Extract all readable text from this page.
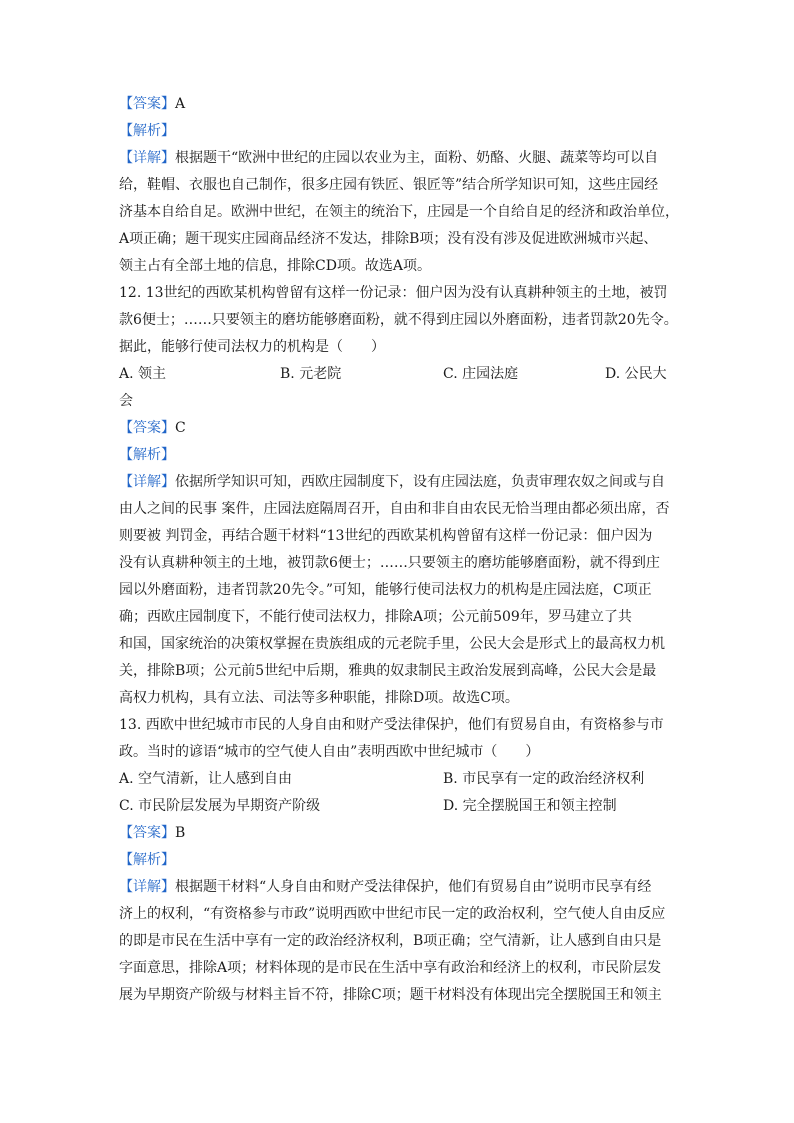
【答案】A
【解析】
【详解】根据题干“欧洲中世纪的庄园以农业为主，面粉、奶酪、火腿、蔬菜等均可以自
给，鞋帽、衣服也自己制作，很多庄园有铁匠、银匠等”结合所学知识可知，这些庄园经
济基本自给自足。欧洲中世纪，在领主的统治下，庄园是一个自给自足的经济和政治单位，
A项正确；题干现实庄园商品经济不发达，排除B项；没有没有涉及促进欧洲城市兴起、
领主占有全部土地的信息，排除CD项。故选A项。
12. 13世纪的西欧某机构曾留有这样一份记录：佃户因为没有认真耕种领主的土地，被罚
款6便士；……只要领主的磨坊能够磨面粉，就不得到庄园以外磨面粉，违者罚款20先令。
据此，能够行使司法权力的机构是（　　）
A. 领主	B. 元老院	C. 庄园法庭	D. 公民大
会
【答案】C
【解析】
【详解】依据所学知识可知，西欧庄园制度下，设有庄园法庭，负责审理农奴之间或与自
由人之间的民事 案件，庄园法庭隔周召开，自由和非自由农民无恰当理由都必须出席，否
则要被 判罚金，再结合题干材料“13世纪的西欧某机构曾留有这样一份记录：佃户因为
没有认真耕种领主的土地，被罚款6便士；……只要领主的磨坊能够磨面粉，就不得到庄
园以外磨面粉，违者罚款20先令。”可知，能够行使司法权力的机构是庄园法庭，C项正
确；西欧庄园制度下，不能行使司法权力，排除A项；公元前509年，罗马建立了共
和国，国家统治的决策权掌握在贵族组成的元老院手里，公民大会是形式上的最高权力机
关，排除B项；公元前5世纪中后期，雅典的奴隶制民主政治发展到高峰，公民大会是最
高权力机构，具有立法、司法等多种职能，排除D项。故选C项。
13. 西欧中世纪城市市民的人身自由和财产受法律保护，他们有贸易自由，有资格参与市
政。当时的谚语“城市的空气使人自由”表明西欧中世纪城市（　　）
A. 空气清新，让人感到自由	B. 市民享有一定的政治经济权利
C. 市民阶层发展为早期资产阶级	D. 完全摆脱国王和领主控制
【答案】B
【解析】
【详解】根据题干材料“人身自由和财产受法律保护，他们有贸易自由”说明市民享有经
济上的权利，“有资格参与市政”说明西欧中世纪市民一定的政治权利，空气使人自由反应
的即是市民在生活中享有一定的政治经济权利，B项正确；空气清新，让人感到自由只是
字面意思，排除A项；材料体现的是市民在生活中享有政治和经济上的权利，市民阶层发
展为早期资产阶级与材料主旨不符，排除C项；题干材料没有体现出完全摆脱国王和领主
